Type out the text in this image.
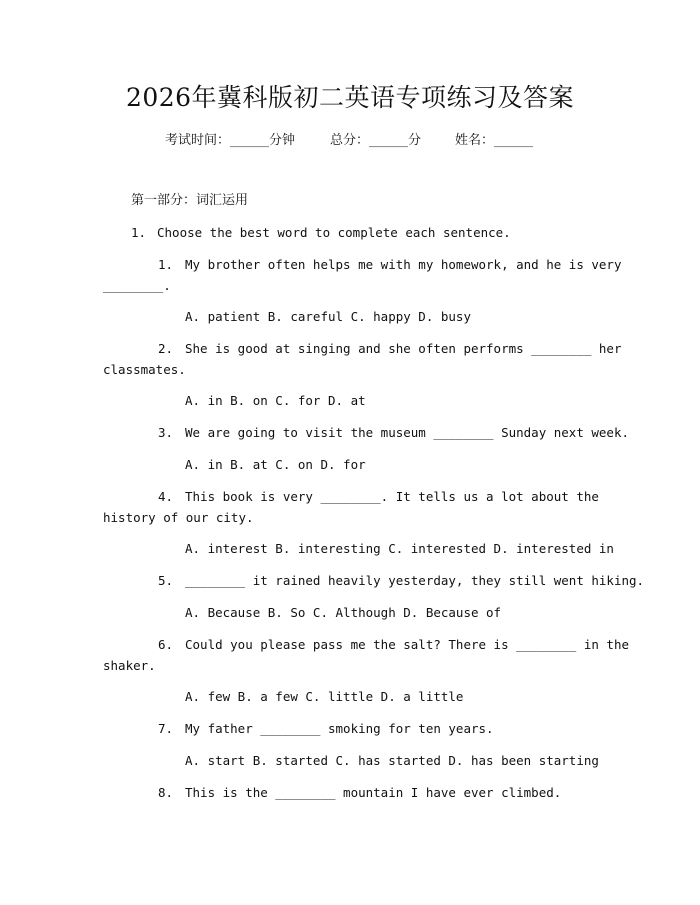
2026年冀科版初二英语专项练习及答案
考试时间：______分钟	总分：______分	姓名：______
第一部分：词汇运用
1. Choose the best word to complete each sentence.
1. My brother often helps me with my homework, and he is very
________.
A. patient B. careful C. happy D. busy
2. She is good at singing and she often performs ________ her
classmates.
A. in B. on C. for D. at
3. We are going to visit the museum ________ Sunday next week.
A. in B. at C. on D. for
4. This book is very ________. It tells us a lot about the
history of our city.
A. interest B. interesting C. interested D. interested in
5. ________ it rained heavily yesterday, they still went hiking.
A. Because B. So C. Although D. Because of
6. Could you please pass me the salt? There is ________ in the
shaker.
A. few B. a few C. little D. a little
7. My father ________ smoking for ten years.
A. start B. started C. has started D. has been starting
8. This is the ________ mountain I have ever climbed.
